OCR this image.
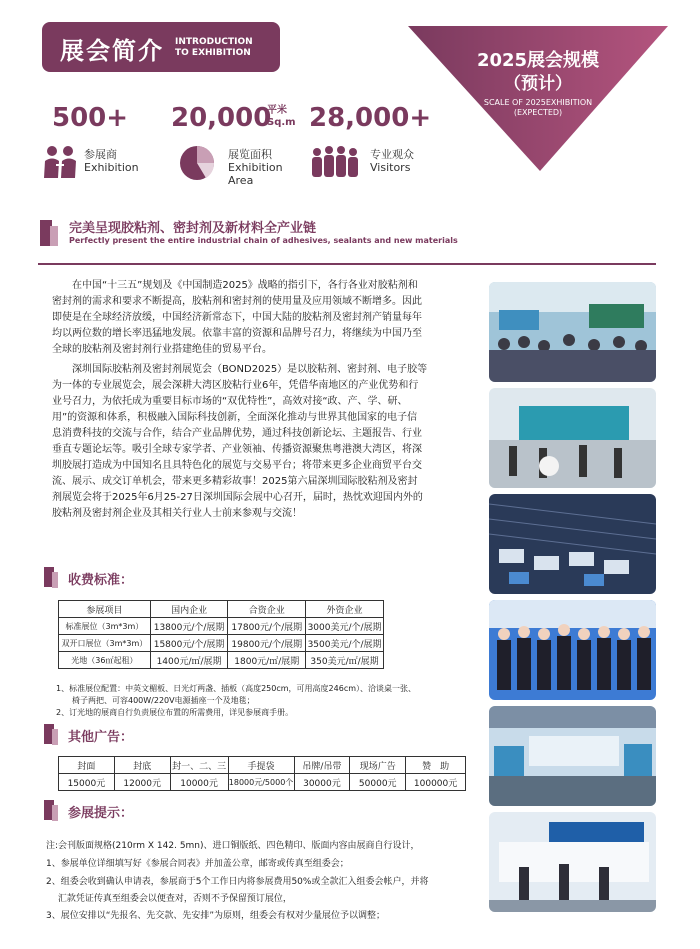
展会简介 INTRODUCTION
TO EXHIBITION	2025展会规模
（预计）
SCALE OF 2025EXHIBITION
(EXPECTED)
500+ 20,000
平米
Sq.m 28,000+
参展商
Exhibition
展览面积
Exhibition
Area
专业观众
Visitors
完美呈现胶粘剂、密封剂及新材料全产业链
Perfectly present the entire industrial chain of adhesives, sealants and new materials
　　在中国“十三五”规划及《中国制造2025》战略的指引下，各行各业对胶粘剂和
密封剂的需求和要求不断提高，胶粘剂和密封剂的使用量及应用领域不断增多。因此
即使是在全球经济放缓，中国经济新常态下，中国大陆的胶粘剂及密封剂产销量每年
均以两位数的增长率迅猛地发展。依靠丰富的资源和品牌号召力，将继续为中国乃至
全球的胶粘剂及密封剂行业搭建绝佳的贸易平台。
　　深圳国际胶粘剂及密封剂展览会（BOND2025）是以胶粘剂、密封剂、电子胶等
为一体的专业展览会，展会深耕大湾区胶粘行业6年，凭借华南地区的产业优势和行
业号召力，为依托成为重要目标市场的“双优特性”，高效对接“政、产、学、研、
用”的资源和体系，积极融入国际科技创新，全面深化推动与世界其他国家的电子信
息消费科技的交流与合作，结合产业品牌优势，通过科技创新论坛、主题报告、行业
垂直专题论坛等。吸引全球专家学者、产业领袖、传播资源聚焦粤港澳大湾区，将深
圳胶展打造成为中国知名且具特色化的展览与交易平台；将带来更多企业商贸平台交
流、展示、成交订单机会，带来更多精彩故事！2025第六届深圳国际胶粘剂及密封
剂展览会将于2025年6月25-27日深圳国际会展中心召开，届时，热忱欢迎国内外的
胶粘剂及密封剂企业及其相关行业人士前来参观与交流！
收费标准：
参展项目	国内企业	合资企业	外资企业
标准展位（3m*3m）	13800元/个/展期	17800元/个/展期	3000美元/个/展期
双开口展位（3m*3m）	15800元/个/展期	19800元/个/展期	3500美元/个/展期
光地（36㎡起租）	1400元/㎡/展期	1800元/㎡/展期	350美元/㎡/展期
1、标准展位配置：中英文楣板、日光灯两盏、插板（高度250cm，可用高度246cm）、洽谈桌一张、
　　椅子两把、可容400W/220V电源插座一个及地毯；
2、订光地的展商自行负责展位布置的所需费用，详见参展商手册。
其他广告：
封面	封底	封一、二、三	手提袋	吊牌/吊带	现场广告	赞　助
15000元	12000元	10000元	18000元/5000个	30000元	50000元	100000元
参展提示：
注:会刊版面规格(210rm X 142. 5mn)、进口铜版纸、四色精印、版面内容由展商自行设计，
1、参展单位详细填写好《参展合同表》并加盖公章，邮寄或传真至组委会；
2、组委会收到确认申请表，参展商于5个工作日内将参展费用50%或全款汇入组委会帐户，并将
　 汇款凭证传真至组委会以便查对，否则不予保留预订展位，
3、展位安排以“先报名、先交款、先安排”为原则，组委会有权对少量展位予以调整；
